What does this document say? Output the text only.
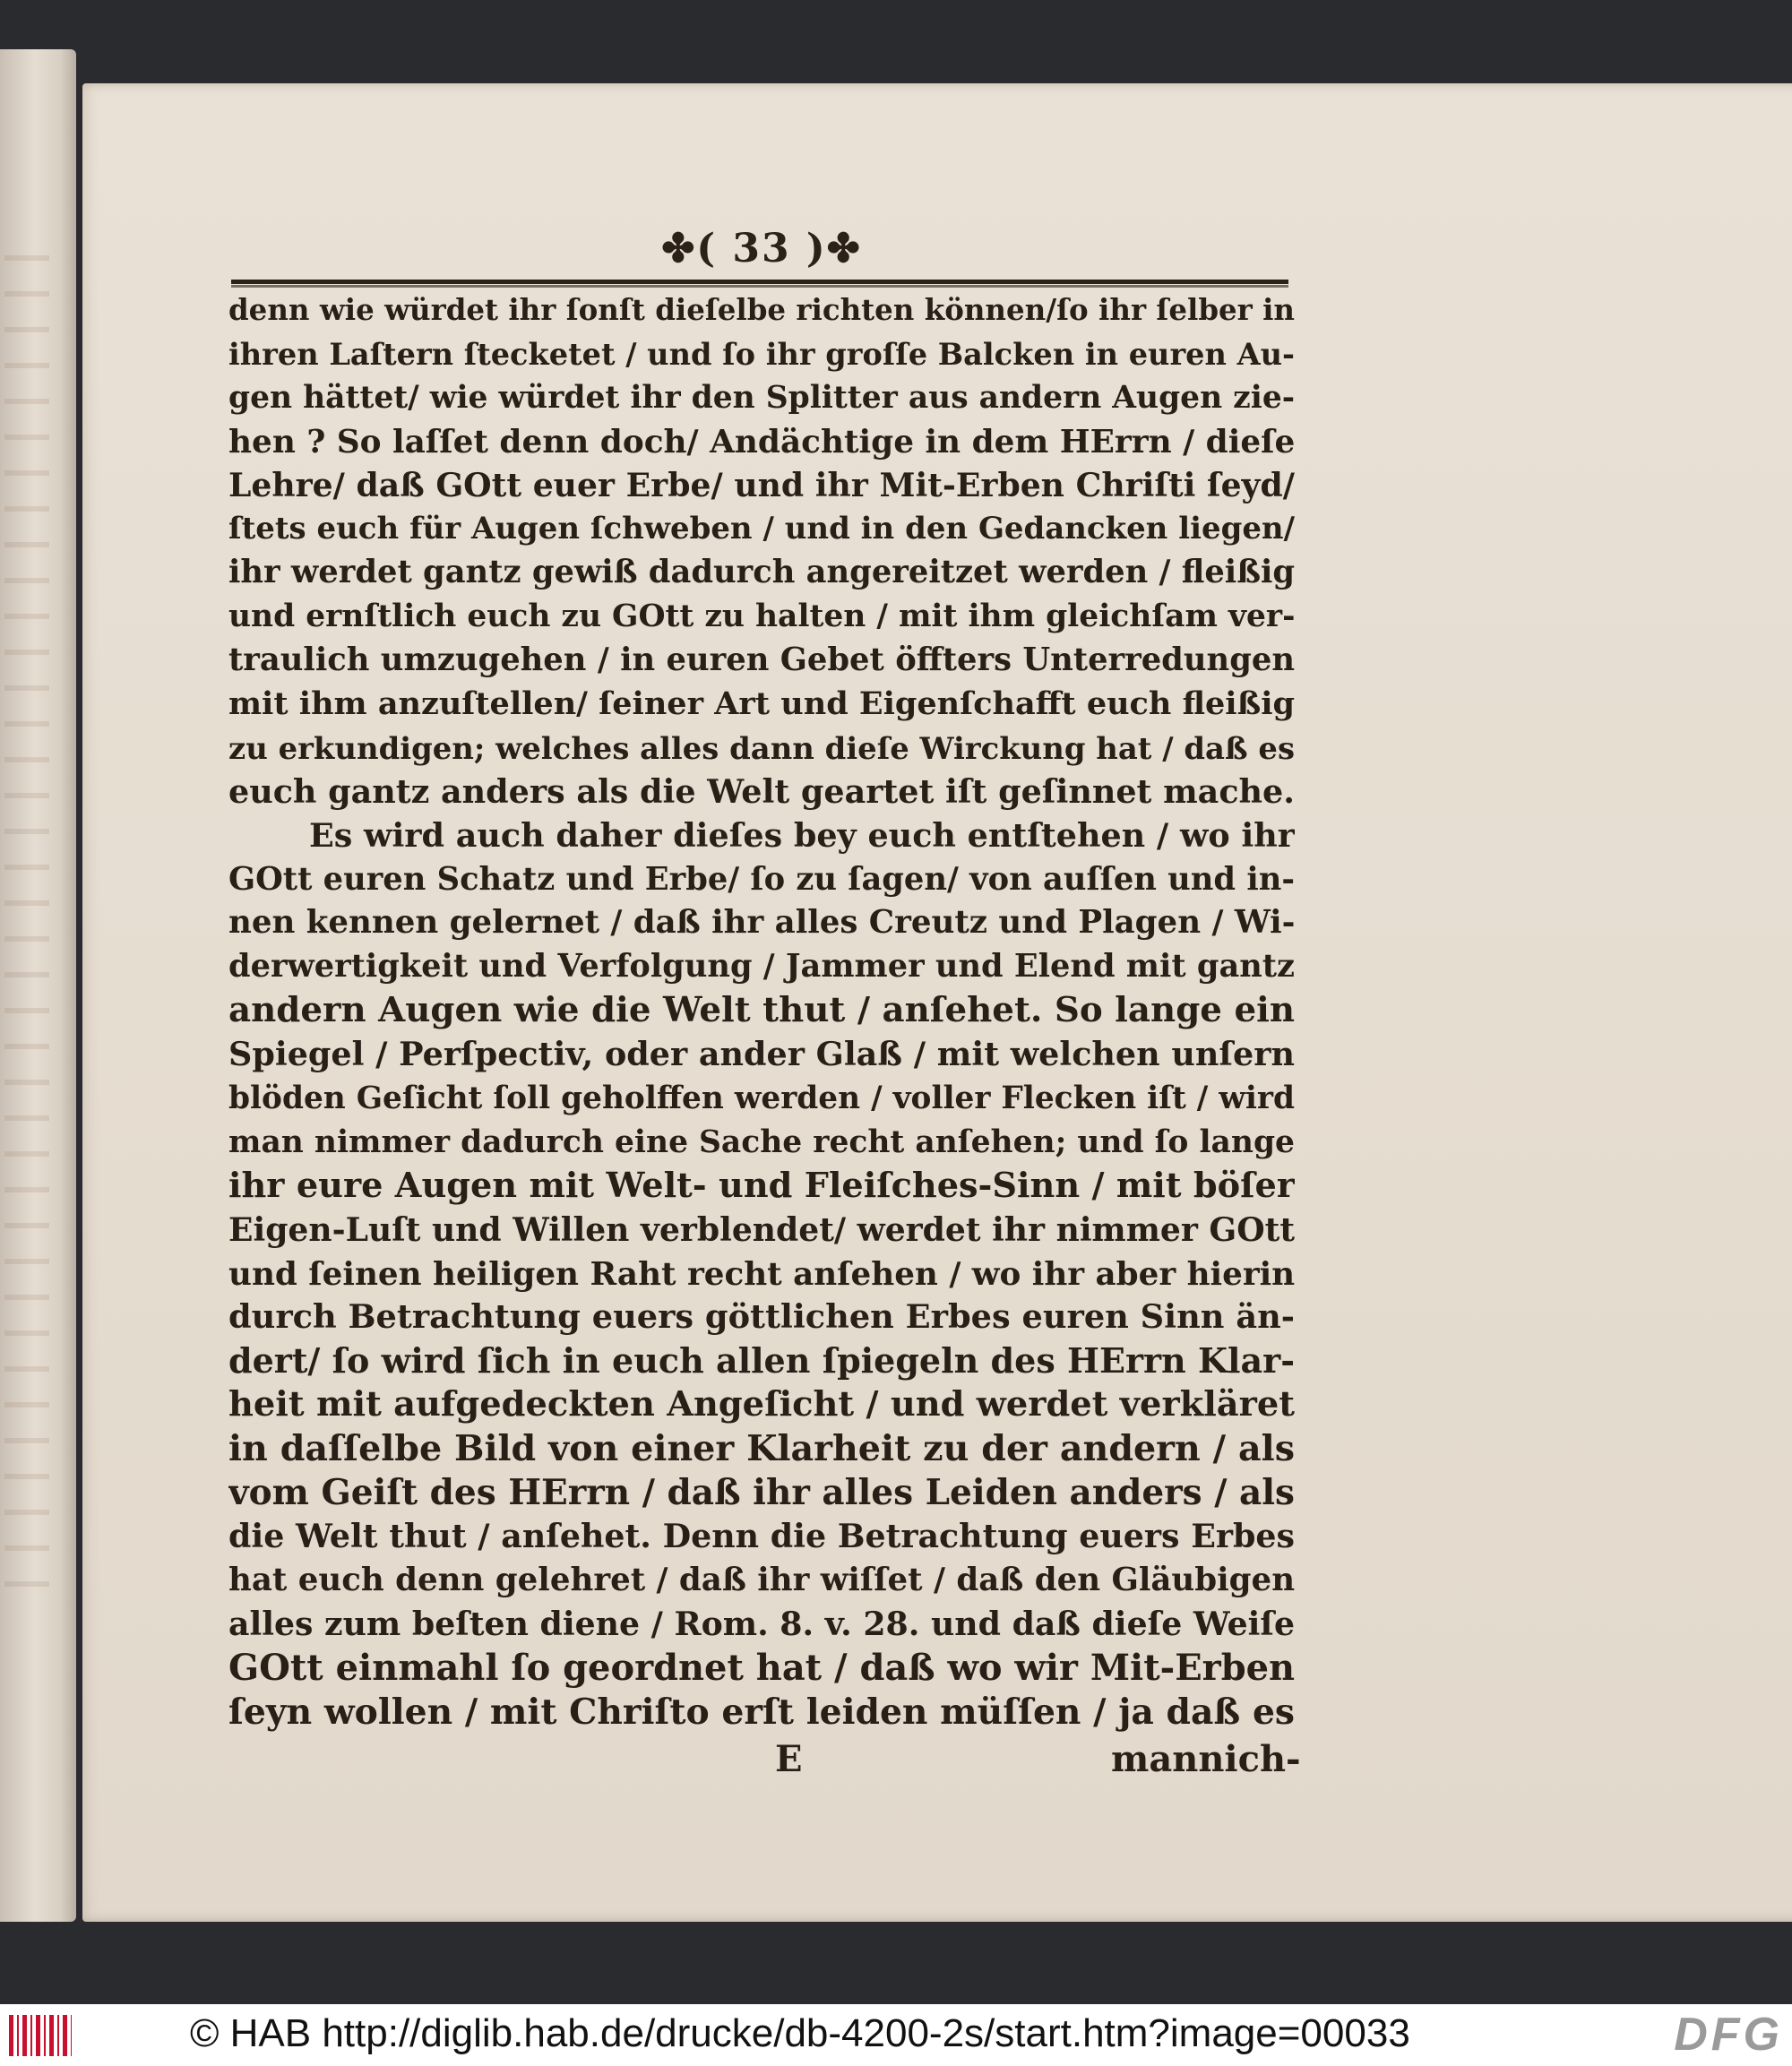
✤( 33 )✤
denn wie würdet ihr ſonſt dieſelbe richten können/ſo ihr ſelber in
ihren Laſtern ſtecketet / und ſo ihr groſſe Balcken in euren Au-
gen hättet/ wie würdet ihr den Splitter aus andern Augen zie-
hen ? So laſſet denn doch/ Andächtige in dem HErrn / dieſe
Lehre/ daß GOtt euer Erbe/ und ihr Mit-Erben Chriſti ſeyd/
ſtets euch für Augen ſchweben / und in den Gedancken liegen/
ihr werdet gantz gewiß dadurch angereitzet werden / fleißig
und ernſtlich euch zu GOtt zu halten / mit ihm gleichſam ver-
traulich umzugehen / in euren Gebet öffters Unterredungen
mit ihm anzuſtellen/ ſeiner Art und Eigenſchafft euch fleißig
zu erkundigen; welches alles dann dieſe Wirckung hat / daß es
euch gantz anders als die Welt geartet iſt geſinnet mache.
Es wird auch daher dieſes bey euch entſtehen / wo ihr
GOtt euren Schatz und Erbe/ ſo zu ſagen/ von auſſen und in-
nen kennen gelernet / daß ihr alles Creutz und Plagen / Wi-
derwertigkeit und Verfolgung / Jammer und Elend mit gantz
andern Augen wie die Welt thut / anſehet. So lange ein
Spiegel / Perſpectiv, oder ander Glaß / mit welchen unſern
blöden Geſicht ſoll geholffen werden / voller Flecken iſt / wird
man nimmer dadurch eine Sache recht anſehen; und ſo lange
ihr eure Augen mit Welt- und Fleiſches-Sinn / mit böſer
Eigen-Luſt und Willen verblendet/ werdet ihr nimmer GOtt
und ſeinen heiligen Raht recht anſehen / wo ihr aber hierin
durch Betrachtung euers göttlichen Erbes euren Sinn än-
dert/ ſo wird ſich in euch allen ſpiegeln des HErrn Klar-
heit mit aufgedeckten Angeſicht / und werdet verkläret
in daſſelbe Bild von einer Klarheit zu der andern / als
vom Geiſt des HErrn / daß ihr alles Leiden anders / als
die Welt thut / anſehet. Denn die Betrachtung euers Erbes
hat euch denn gelehret / daß ihr wiſſet / daß den Gläubigen
alles zum beſten diene / Rom. 8. v. 28. und daß dieſe Weiſe
GOtt einmahl ſo geordnet hat / daß wo wir Mit-Erben
ſeyn wollen / mit Chriſto erſt leiden müſſen / ja daß es
E	mannich-
© HAB http://diglib.hab.de/drucke/db-4200-2s/start.htm?image=00033	DFG
